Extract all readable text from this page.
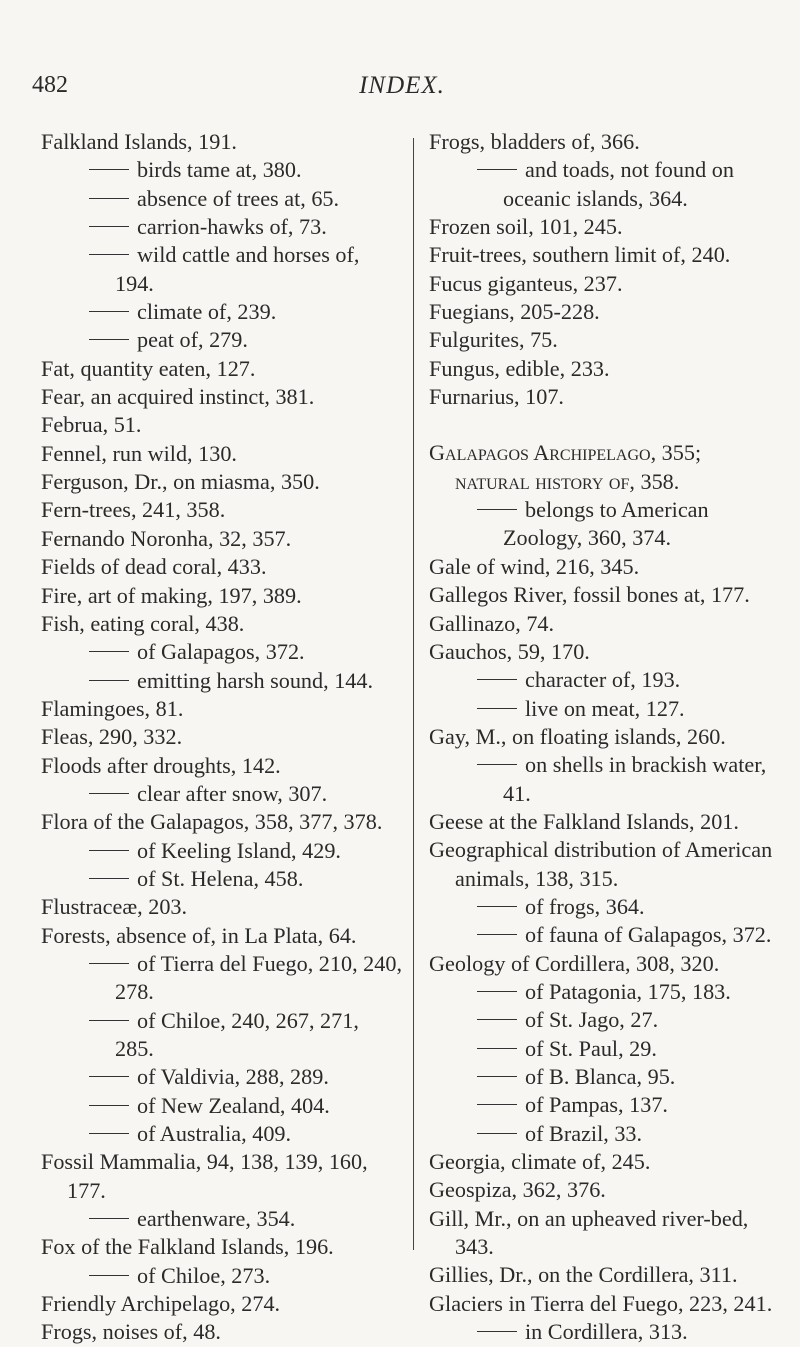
482	INDEX.
Falkland Islands, 191.
birds tame at, 380.
absence of trees at, 65.
carrion-hawks of, 73.
wild cattle and horses of, 194.
climate of, 239.
peat of, 279.
Fat, quantity eaten, 127.
Fear, an acquired instinct, 381.
Februa, 51.
Fennel, run wild, 130.
Ferguson, Dr., on miasma, 350.
Fern-trees, 241, 358.
Fernando Noronha, 32, 357.
Fields of dead coral, 433.
Fire, art of making, 197, 389.
Fish, eating coral, 438.
of Galapagos, 372.
emitting harsh sound, 144.
Flamingoes, 81.
Fleas, 290, 332.
Floods after droughts, 142.
clear after snow, 307.
Flora of the Galapagos, 358, 377, 378.
of Keeling Island, 429.
of St. Helena, 458.
Flustraceæ, 203.
Forests, absence of, in La Plata, 64.
of Tierra del Fuego, 210, 240, 278.
of Chiloe, 240, 267, 271, 285.
of Valdivia, 288, 289.
of New Zealand, 404.
of Australia, 409.
Fossil Mammalia, 94, 138, 139, 160, 177.
earthenware, 354.
Fox of the Falkland Islands, 196.
of Chiloe, 273.
Friendly Archipelago, 274.
Frogs, noises of, 48.
Frogs, bladders of, 366.
and toads, not found on oceanic islands, 364.
Frozen soil, 101, 245.
Fruit-trees, southern limit of, 240.
Fucus giganteus, 237.
Fuegians, 205-228.
Fulgurites, 75.
Fungus, edible, 233.
Furnarius, 107.
Galapagos Archipelago, 355; natural history of, 358.
belongs to American Zoology, 360, 374.
Gale of wind, 216, 345.
Gallegos River, fossil bones at, 177.
Gallinazo, 74.
Gauchos, 59, 170.
character of, 193.
live on meat, 127.
Gay, M., on floating islands, 260.
on shells in brackish water, 41.
Geese at the Falkland Islands, 201.
Geographical distribution of American animals, 138, 315.
of frogs, 364.
of fauna of Galapagos, 372.
Geology of Cordillera, 308, 320.
of Patagonia, 175, 183.
of St. Jago, 27.
of St. Paul, 29.
of B. Blanca, 95.
of Pampas, 137.
of Brazil, 33.
Georgia, climate of, 245.
Geospiza, 362, 376.
Gill, Mr., on an upheaved river-bed, 343.
Gillies, Dr., on the Cordillera, 311.
Glaciers in Tierra del Fuego, 223, 241.
in Cordillera, 313.
